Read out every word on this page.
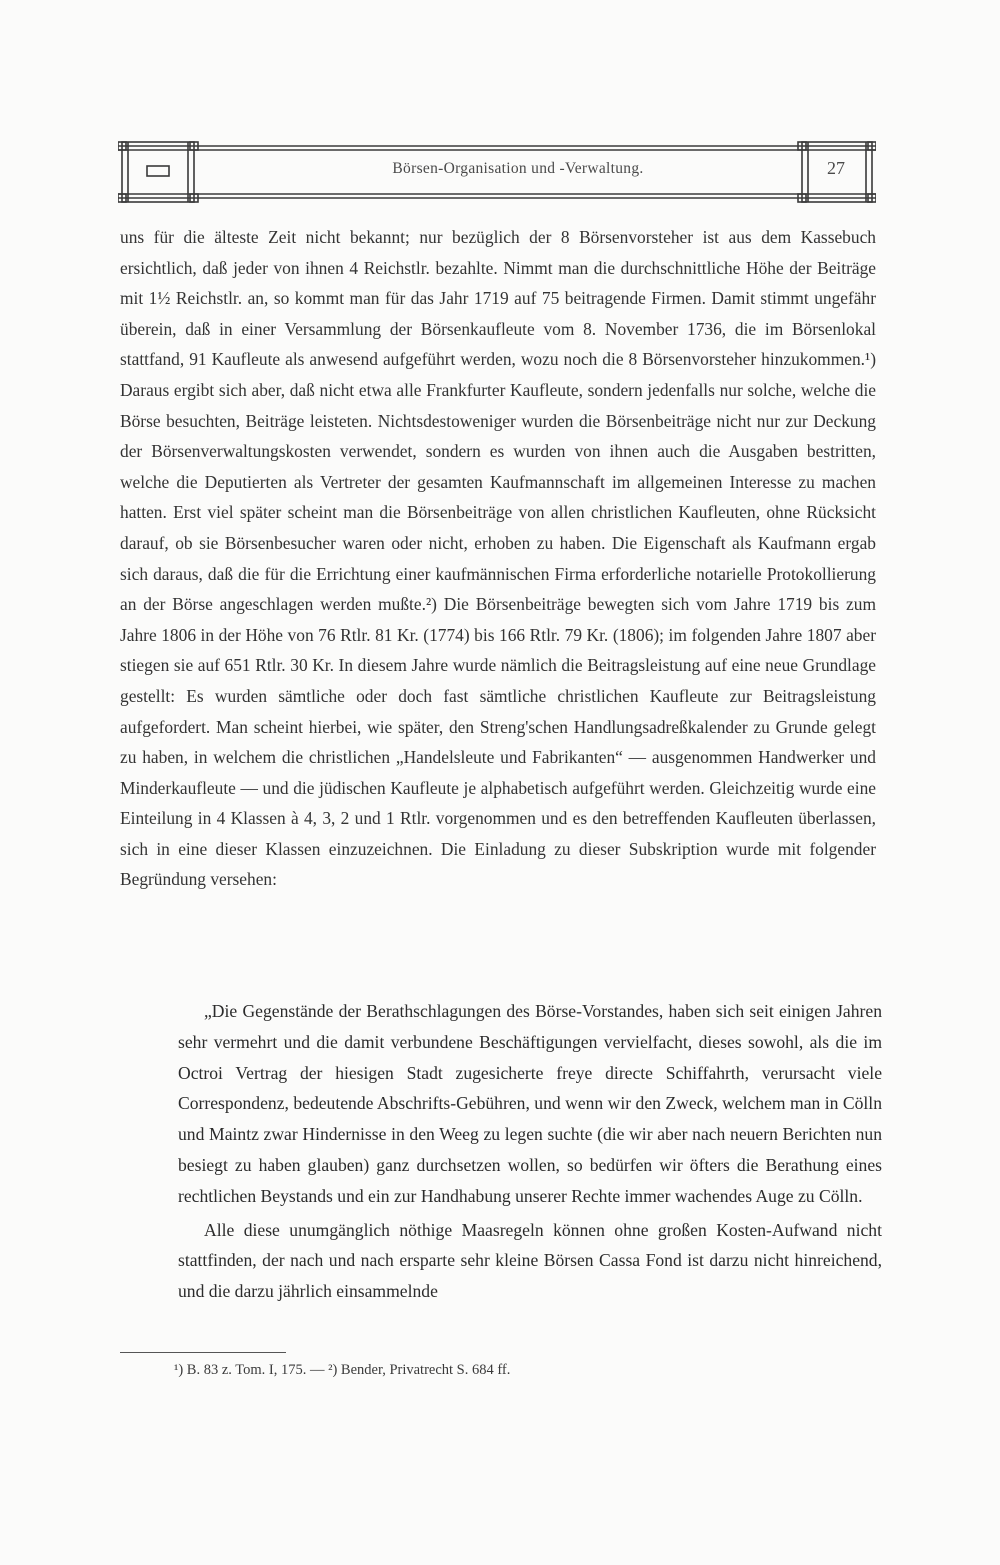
Börsen-Organisation und -Verwaltung.	27

uns für die älteste Zeit nicht bekannt; nur bezüglich der 8 Börsenvorsteher ist aus dem Kassebuch ersichtlich, daß jeder von ihnen 4 Reichstlr. bezahlte. Nimmt man die durchschnittliche Höhe der Beiträge mit 1½ Reichstlr. an, so kommt man für das Jahr 1719 auf 75 beitragende Firmen. Damit stimmt ungefähr überein, daß in einer Versammlung der Börsenkaufleute vom 8. November 1736, die im Börsenlokal stattfand, 91 Kaufleute als anwesend aufgeführt werden, wozu noch die 8 Börsenvorsteher hinzukommen.¹) Daraus ergibt sich aber, daß nicht etwa alle Frankfurter Kaufleute, sondern jedenfalls nur solche, welche die Börse besuchten, Beiträge leisteten. Nichtsdestoweniger wurden die Börsenbeiträge nicht nur zur Deckung der Börsenverwaltungskosten verwendet, sondern es wurden von ihnen auch die Ausgaben bestritten, welche die Deputierten als Vertreter der gesamten Kaufmannschaft im allgemeinen Interesse zu machen hatten. Erst viel später scheint man die Börsenbeiträge von allen christlichen Kaufleuten, ohne Rücksicht darauf, ob sie Börsenbesucher waren oder nicht, erhoben zu haben. Die Eigenschaft als Kaufmann ergab sich daraus, daß die für die Errichtung einer kaufmännischen Firma erforderliche notarielle Protokollierung an der Börse angeschlagen werden mußte.²) Die Börsenbeiträge bewegten sich vom Jahre 1719 bis zum Jahre 1806 in der Höhe von 76 Rtlr. 81 Kr. (1774) bis 166 Rtlr. 79 Kr. (1806); im folgenden Jahre 1807 aber stiegen sie auf 651 Rtlr. 30 Kr. In diesem Jahre wurde nämlich die Beitragsleistung auf eine neue Grundlage gestellt: Es wurden sämtliche oder doch fast sämtliche christlichen Kaufleute zur Beitragsleistung aufgefordert. Man scheint hierbei, wie später, den Streng'schen Handlungsadreßkalender zu Grunde gelegt zu haben, in welchem die christlichen „Handelsleute und Fabrikanten“ — ausgenommen Handwerker und Minderkaufleute — und die jüdischen Kaufleute je alphabetisch aufgeführt werden. Gleichzeitig wurde eine Einteilung in 4 Klassen à 4, 3, 2 und 1 Rtlr. vorgenommen und es den betreffenden Kaufleuten überlassen, sich in eine dieser Klassen einzuzeichnen. Die Einladung zu dieser Subskription wurde mit folgender Begründung versehen:

„Die Gegenstände der Berathschlagungen des Börse-Vorstandes, haben sich seit einigen Jahren sehr vermehrt und die damit verbundene Beschäftigungen vervielfacht, dieses sowohl, als die im Octroi Vertrag der hiesigen Stadt zugesicherte freye directe Schiffahrth, verursacht viele Correspondenz, bedeutende Abschrifts-Gebühren, und wenn wir den Zweck, welchem man in Cölln und Maintz zwar Hindernisse in den Weeg zu legen suchte (die wir aber nach neuern Berichten nun besiegt zu haben glauben) ganz durchsetzen wollen, so bedürfen wir öfters die Berathung eines rechtlichen Beystands und ein zur Handhabung unserer Rechte immer wachendes Auge zu Cölln.

Alle diese unumgänglich nöthige Maasregeln können ohne großen Kosten-Aufwand nicht stattfinden, der nach und nach ersparte sehr kleine Börsen Cassa Fond ist darzu nicht hinreichend, und die darzu jährlich einsammelnde

¹) B. 83 z. Tom. I, 175. — ²) Bender, Privatrecht S. 684 ff.
